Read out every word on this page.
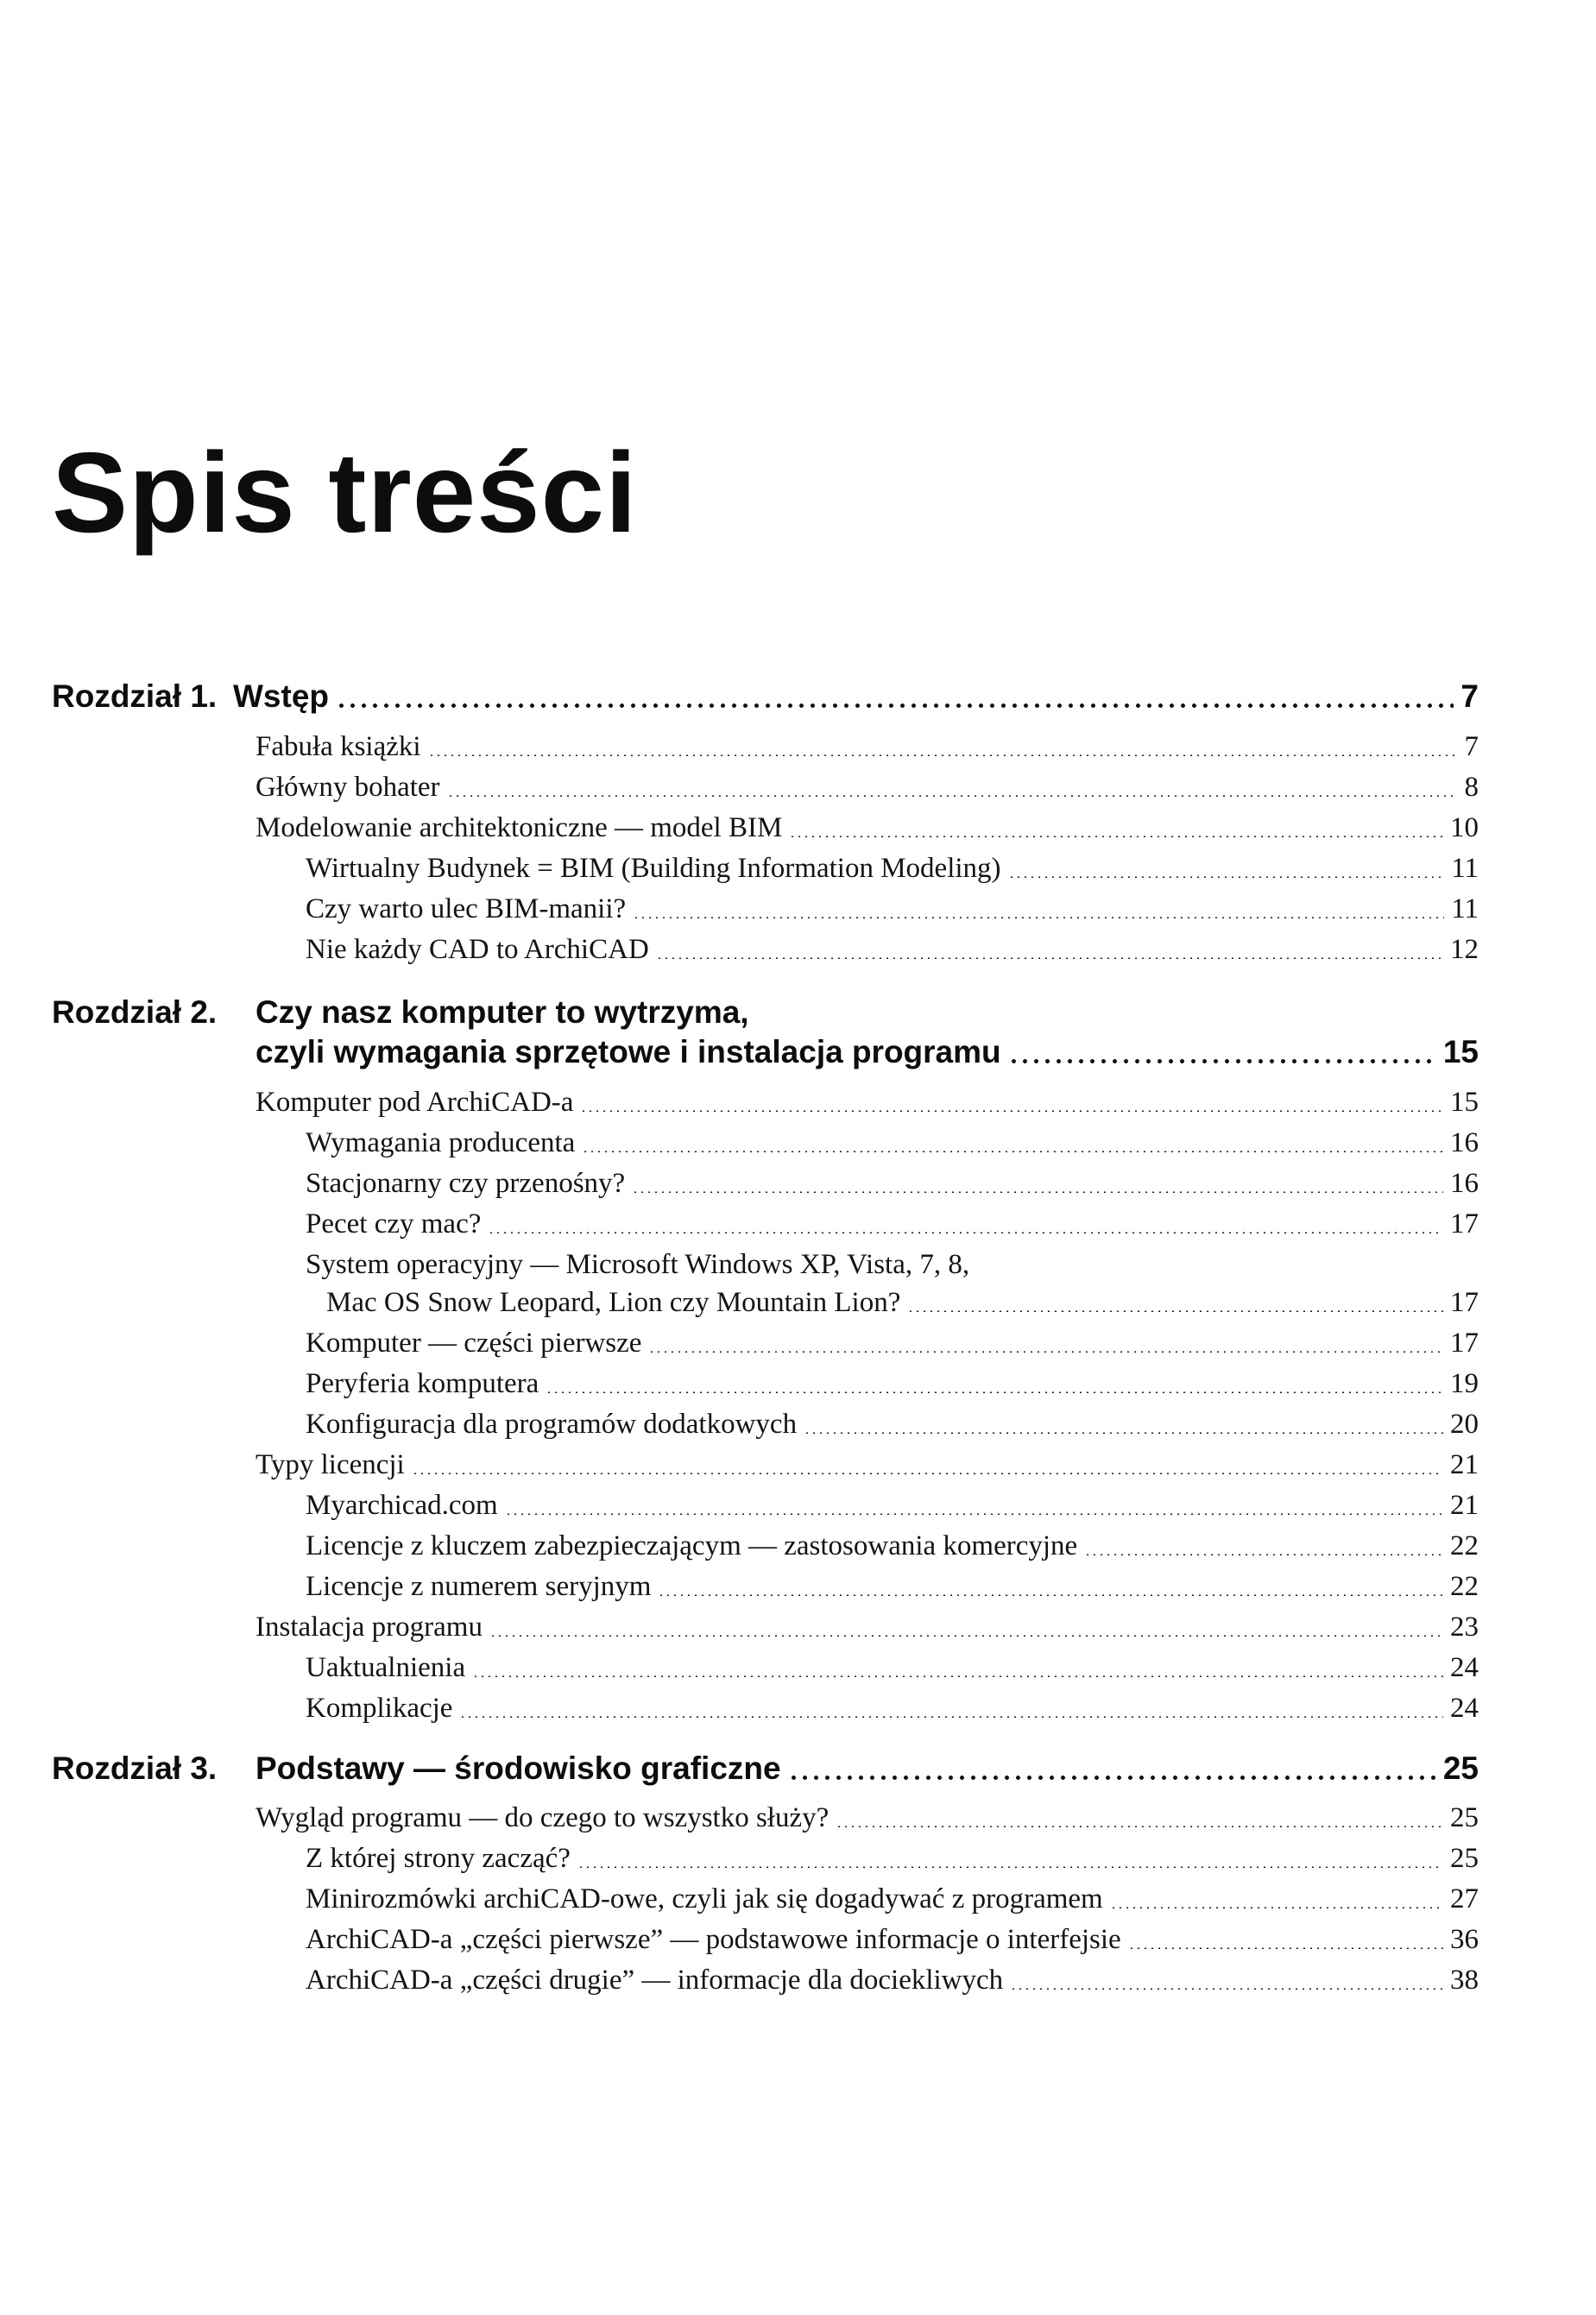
Spis treści
Rozdział 1. Wstęp	7
Fabuła książki	7
Główny bohater	8
Modelowanie architektoniczne — model BIM	10
Wirtualny Budynek = BIM (Building Information Modeling)	11
Czy warto ulec BIM-manii?	11
Nie każdy CAD to ArchiCAD	12
Rozdział 2. Czy nasz komputer to wytrzyma,
czyli wymagania sprzętowe i instalacja programu	15
Komputer pod ArchiCAD-a	15
Wymagania producenta	16
Stacjonarny czy przenośny?	16
Pecet czy mac?	17
System operacyjny — Microsoft Windows XP, Vista, 7, 8,
Mac OS Snow Leopard, Lion czy Mountain Lion?	17
Komputer — części pierwsze	17
Peryferia komputera	19
Konfiguracja dla programów dodatkowych	20
Typy licencji	21
Myarchicad.com	21
Licencje z kluczem zabezpieczającym — zastosowania komercyjne	22
Licencje z numerem seryjnym	22
Instalacja programu	23
Uaktualnienia	24
Komplikacje	24
Rozdział 3. Podstawy — środowisko graficzne	25
Wygląd programu — do czego to wszystko służy?	25
Z której strony zacząć?	25
Minirozmówki archiCAD-owe, czyli jak się dogadywać z programem	27
ArchiCAD-a „części pierwsze” — podstawowe informacje o interfejsie	36
ArchiCAD-a „części drugie” — informacje dla dociekliwych	38
